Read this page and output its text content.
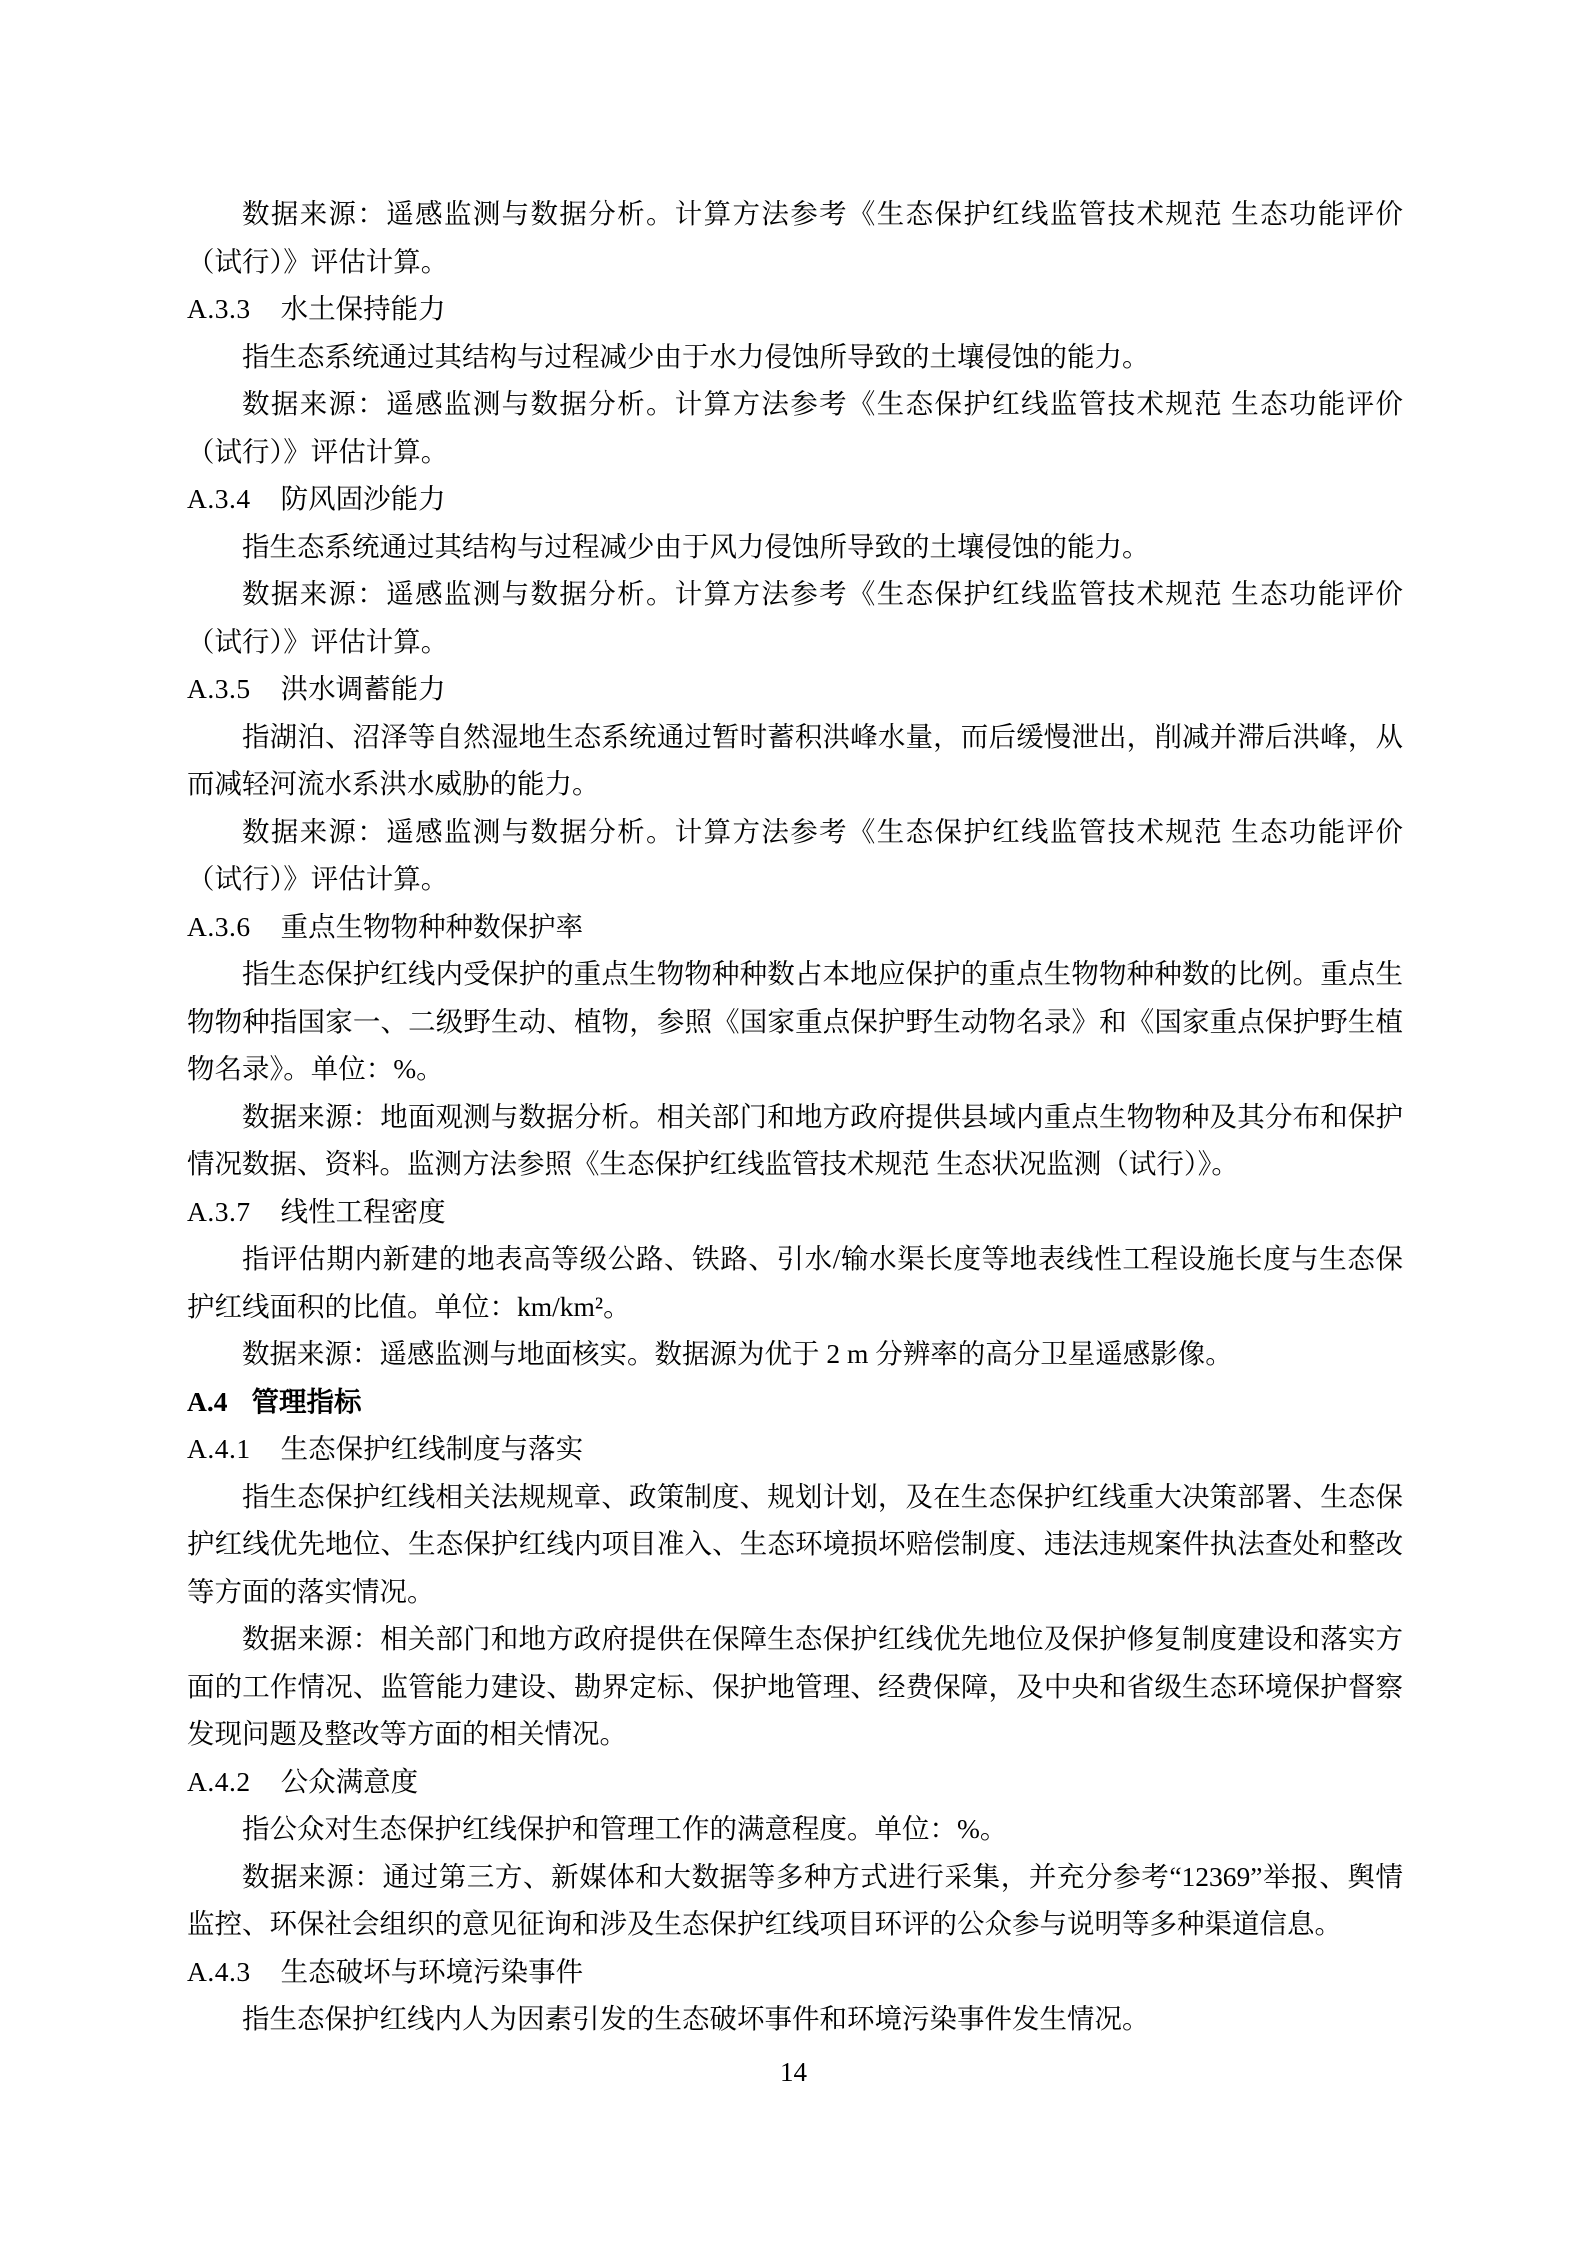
数据来源：遥感监测与数据分析。计算方法参考《生态保护红线监管技术规范 生态功能评价（试行）》评估计算。

A.3.3 水土保持能力

指生态系统通过其结构与过程减少由于水力侵蚀所导致的土壤侵蚀的能力。

数据来源：遥感监测与数据分析。计算方法参考《生态保护红线监管技术规范 生态功能评价（试行）》评估计算。

A.3.4 防风固沙能力

指生态系统通过其结构与过程减少由于风力侵蚀所导致的土壤侵蚀的能力。

数据来源：遥感监测与数据分析。计算方法参考《生态保护红线监管技术规范 生态功能评价（试行）》评估计算。

A.3.5 洪水调蓄能力

指湖泊、沼泽等自然湿地生态系统通过暂时蓄积洪峰水量，而后缓慢泄出，削减并滞后洪峰，从而减轻河流水系洪水威胁的能力。

数据来源：遥感监测与数据分析。计算方法参考《生态保护红线监管技术规范 生态功能评价（试行）》评估计算。

A.3.6 重点生物物种种数保护率

指生态保护红线内受保护的重点生物物种种数占本地应保护的重点生物物种种数的比例。重点生物物种指国家一、二级野生动、植物，参照《国家重点保护野生动物名录》和《国家重点保护野生植物名录》。单位：%。

数据来源：地面观测与数据分析。相关部门和地方政府提供县域内重点生物物种及其分布和保护情况数据、资料。监测方法参照《生态保护红线监管技术规范 生态状况监测（试行）》。

A.3.7 线性工程密度

指评估期内新建的地表高等级公路、铁路、引水/输水渠长度等地表线性工程设施长度与生态保护红线面积的比值。单位：km/km²。

数据来源：遥感监测与地面核实。数据源为优于 2 m 分辨率的高分卫星遥感影像。

A.4 管理指标
A.4.1 生态保护红线制度与落实

指生态保护红线相关法规规章、政策制度、规划计划，及在生态保护红线重大决策部署、生态保护红线优先地位、生态保护红线内项目准入、生态环境损坏赔偿制度、违法违规案件执法查处和整改等方面的落实情况。

数据来源：相关部门和地方政府提供在保障生态保护红线优先地位及保护修复制度建设和落实方面的工作情况、监管能力建设、勘界定标、保护地管理、经费保障，及中央和省级生态环境保护督察发现问题及整改等方面的相关情况。

A.4.2 公众满意度

指公众对生态保护红线保护和管理工作的满意程度。单位：%。

数据来源：通过第三方、新媒体和大数据等多种方式进行采集，并充分参考“12369”举报、舆情监控、环保社会组织的意见征询和涉及生态保护红线项目环评的公众参与说明等多种渠道信息。

A.4.3 生态破坏与环境污染事件

指生态保护红线内人为因素引发的生态破坏事件和环境污染事件发生情况。

14
